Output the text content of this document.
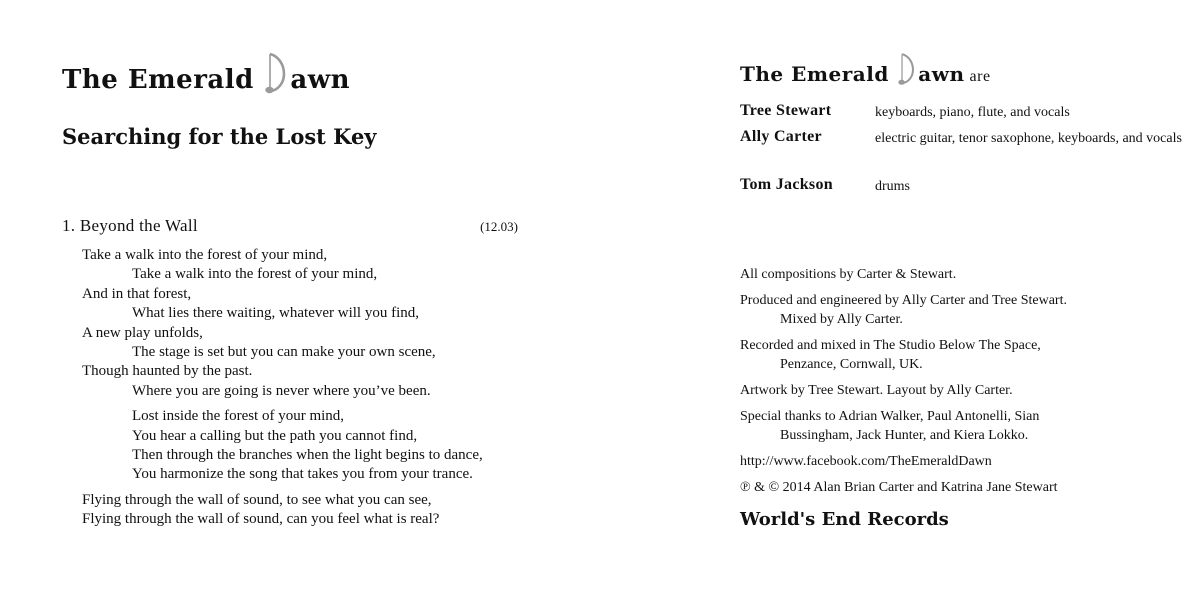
The Emerald awn
Searching for the Lost Key
1. Beyond the Wall	(12.03)
Take a walk into the forest of your mind,
Take a walk into the forest of your mind,
And in that forest,
What lies there waiting, whatever will you find,
A new play unfolds,
The stage is set but you can make your own scene,
Though haunted by the past.
Where you are going is never where you’ve been.
Lost inside the forest of your mind,
You hear a calling but the path you cannot find,
Then through the branches when the light begins to dance,
You harmonize the song that takes you from your trance.
Flying through the wall of sound, to see what you can see,
Flying through the wall of sound, can you feel what is real?
The Emerald awn are
Tree Stewart	keyboards, piano, flute, and vocals
Ally Carter	electric guitar, tenor saxophone, keyboards, and vocals
Tom Jackson	drums
All compositions by Carter & Stewart.
Produced and engineered by Ally Carter and Tree Stewart.
Mixed by Ally Carter.
Recorded and mixed in The Studio Below The Space,
Penzance, Cornwall, UK.
Artwork by Tree Stewart. Layout by Ally Carter.
Special thanks to Adrian Walker, Paul Antonelli, Sian
Bussingham, Jack Hunter, and Kiera Lokko.
http://www.facebook.com/TheEmeraldDawn
℗ & © 2014 Alan Brian Carter and Katrina Jane Stewart
World's End Records
